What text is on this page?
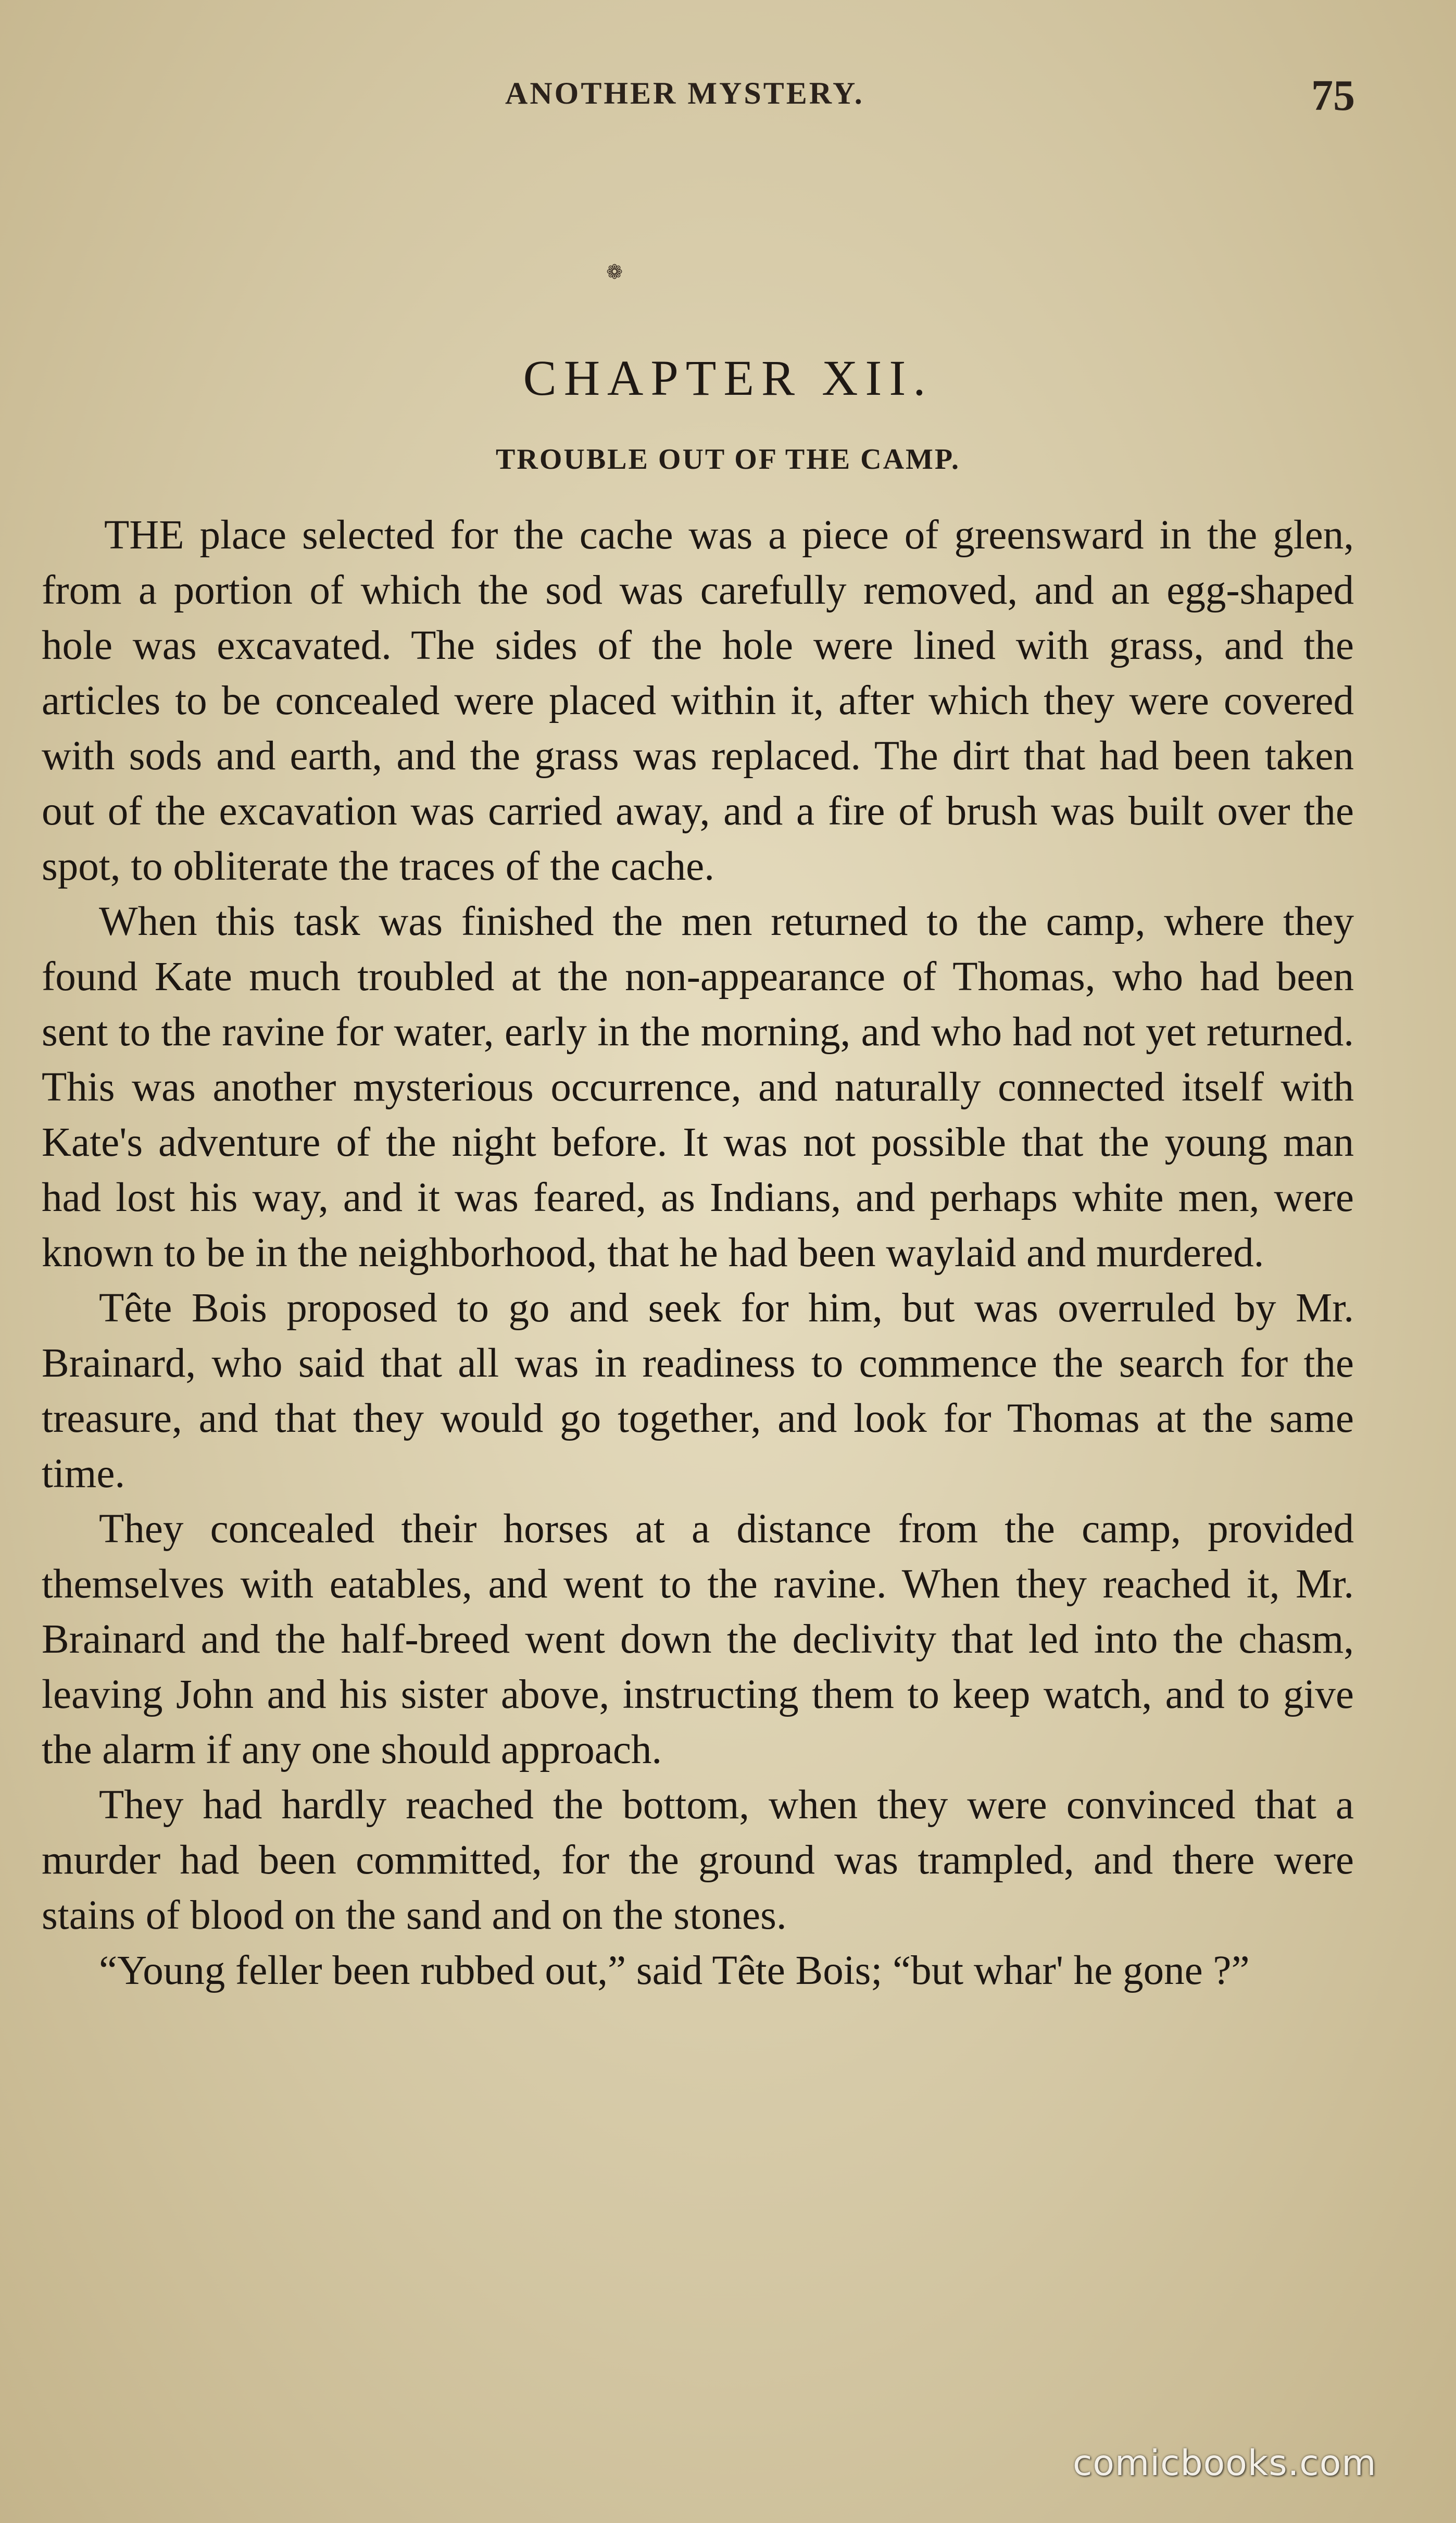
ANOTHER MYSTERY.	75
❁
CHAPTER XII.
TROUBLE OUT OF THE CAMP.

THE place selected for the cache was a piece of greensward in the glen, from a portion of which the sod was carefully removed, and an egg-shaped hole was excavated. The sides of the hole were lined with grass, and the articles to be concealed were placed within it, after which they were covered with sods and earth, and the grass was replaced. The dirt that had been taken out of the excavation was carried away, and a fire of brush was built over the spot, to obliterate the traces of the cache.

When this task was finished the men returned to the camp, where they found Kate much troubled at the non-appearance of Thomas, who had been sent to the ravine for water, early in the morning, and who had not yet returned. This was another mysterious occurrence, and naturally connected itself with Kate's adventure of the night before. It was not possible that the young man had lost his way, and it was feared, as Indians, and perhaps white men, were known to be in the neighborhood, that he had been waylaid and murdered.

Tête Bois proposed to go and seek for him, but was overruled by Mr. Brainard, who said that all was in readiness to commence the search for the treasure, and that they would go together, and look for Thomas at the same time.

They concealed their horses at a distance from the camp, provided themselves with eatables, and went to the ravine. When they reached it, Mr. Brainard and the half-breed went down the declivity that led into the chasm, leaving John and his sister above, instructing them to keep watch, and to give the alarm if any one should approach.

They had hardly reached the bottom, when they were convinced that a murder had been committed, for the ground was trampled, and there were stains of blood on the sand and on the stones.

“Young feller been rubbed out,” said Tête Bois; “but whar' he gone ?”

comicbooks.com
